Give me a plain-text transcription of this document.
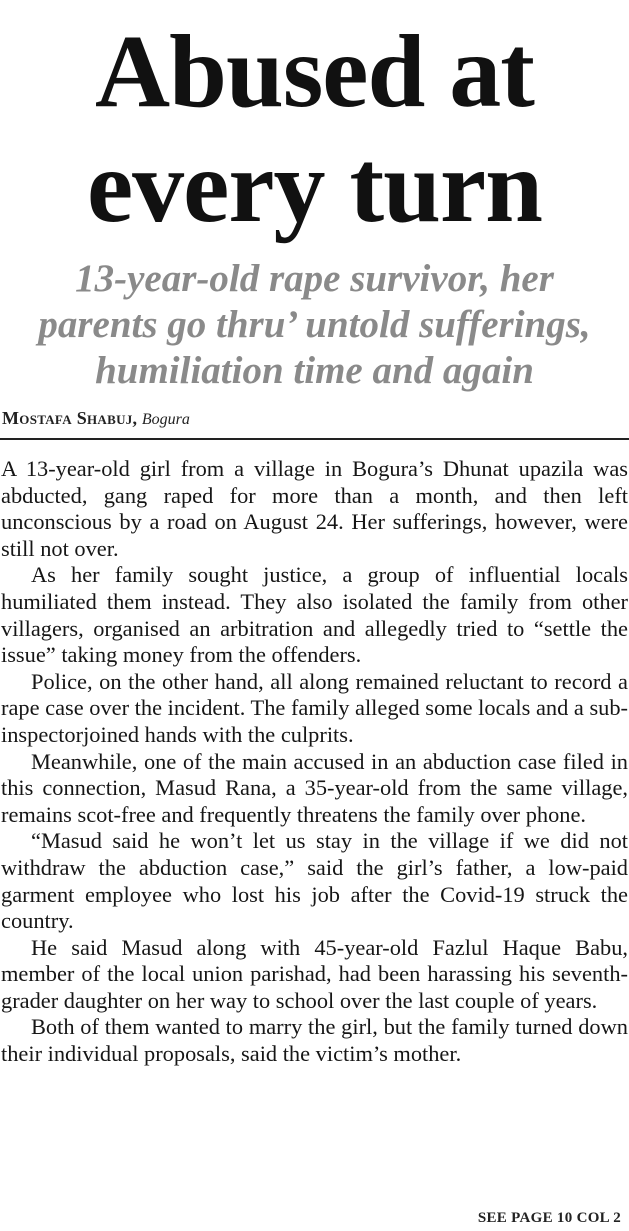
Abused at
every turn
13-year-old rape survivor, her
parents go thru’ untold sufferings,
humiliation time and again
Mostafa Shabuj, Bogura

A 13-year-old girl from a village in Bogura’s Dhunat upazila was abducted, gang raped for more than a month, and then left unconscious by a road on August 24. Her sufferings, however, were still not over.

As her family sought justice, a group of influential locals humiliated them instead. They also isolated the family from other villagers, organised an arbitration and allegedly tried to “settle the issue” taking money from the offenders.

Police, on the other hand, all along remained reluctant to record a rape case over the incident. The family alleged some locals and a sub-inspectorjoined hands with the culprits.

Meanwhile, one of the main accused in an abduction case filed in this connection, Masud Rana, a 35-year-old from the same village, remains scot-free and frequently threatens the family over phone.

“Masud said he won’t let us stay in the village if we did not withdraw the abduction case,” said the girl’s father, a low-paid garment employee who lost his job after the Covid-19 struck the country.

He said Masud along with 45-year-old Fazlul Haque Babu, member of the local union parishad, had been harassing his seventh-grader daughter on her way to school over the last couple of years.

Both of them wanted to marry the girl, but the family turned down their individual proposals, said the victim’s mother.

SEE PAGE 10 COL 2
